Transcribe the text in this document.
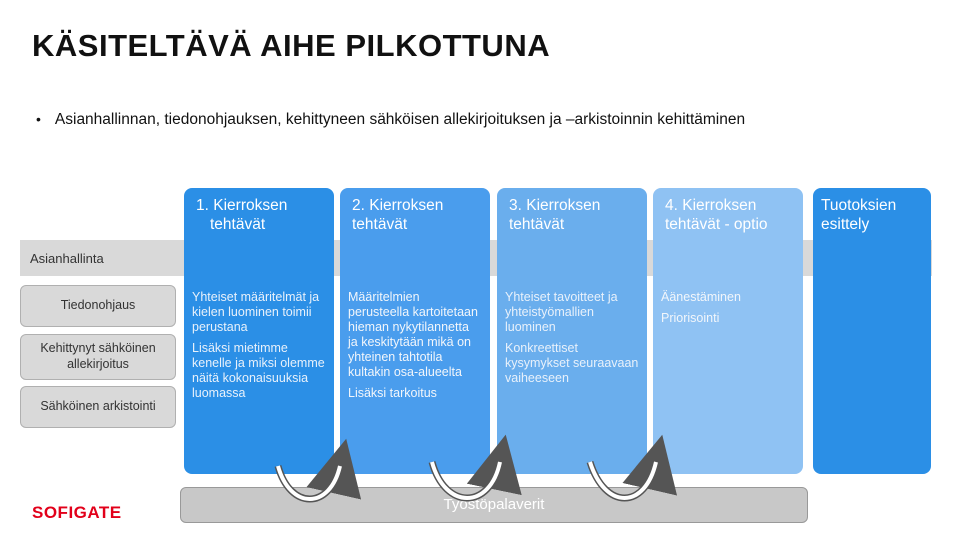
KÄSITELTÄVÄ AIHE PILKOTTUNA
• Asianhallinnan, tiedonohjauksen, kehittyneen sähköisen allekirjoituksen ja –arkistoinnin kehittäminen
Asianhallinta
Tiedonohjaus
Kehittynyt sähköinen allekirjoitus
Sähköinen arkistointi
1. Kierroksen
tehtävät

Yhteiset määritelmät ja kielen luominen toimii perustana

Lisäksi mietimme kenelle ja miksi olemme näitä kokonaisuuksia luomassa

2. Kierroksen tehtävät

Määritelmien perusteella kartoitetaan hieman nykytilannetta ja keskitytään mikä on yhteinen tahtotila kultakin osa-alueelta

Lisäksi tarkoitus

3. Kierroksen tehtävät

Yhteiset tavoitteet ja yhteistyömallien luominen

Konkreettiset kysymykset seuraavaan vaiheeseen

4. Kierroksen tehtävät - optio

Äänestäminen

Priorisointi

Tuotoksien esittely
Työstöpalaverit
SOFIGATE
